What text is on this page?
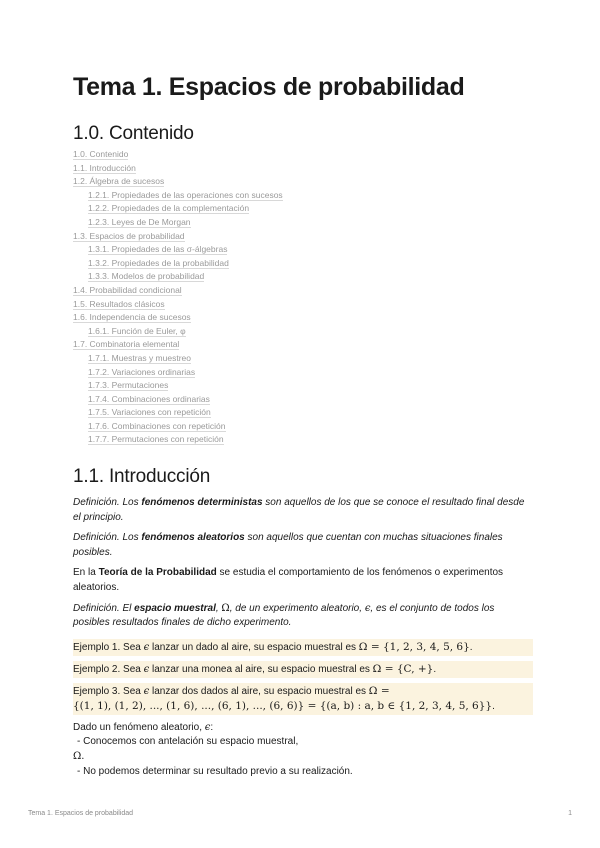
Tema 1. Espacios de probabilidad
1.0. Contenido
1.0. Contenido
1.1. Introducción
1.2. Álgebra de sucesos
1.2.1. Propiedades de las operaciones con sucesos
1.2.2. Propiedades de la complementación
1.2.3. Leyes de De Morgan
1.3. Espacios de probabilidad
1.3.1. Propiedades de las σ-álgebras
1.3.2. Propiedades de la probabilidad
1.3.3. Modelos de probabilidad
1.4. Probabilidad condicional
1.5. Resultados clásicos
1.6. Independencia de sucesos
1.6.1. Función de Euler, φ
1.7. Combinatoria elemental
1.7.1. Muestras y muestreo
1.7.2. Variaciones ordinarias
1.7.3. Permutaciones
1.7.4. Combinaciones ordinarias
1.7.5. Variaciones con repetición
1.7.6. Combinaciones con repetición
1.7.7. Permutaciones con repetición
1.1. Introducción
Definición. Los fenómenos deterministas son aquellos de los que se conoce el resultado final desde el principio.
Definición. Los fenómenos aleatorios son aquellos que cuentan con muchas situaciones finales posibles.
En la Teoría de la Probabilidad se estudia el comportamiento de los fenómenos o experimentos aleatorios.
Definición. El espacio muestral, Ω, de un experimento aleatorio, ϵ, es el conjunto de todos los posibles resultados finales de dicho experimento.
Ejemplo 1. Sea ϵ lanzar un dado al aire, su espacio muestral es Ω = {1, 2, 3, 4, 5, 6}.
Ejemplo 2. Sea ϵ lanzar una monea al aire, su espacio muestral es Ω = {C, +}.
Ejemplo 3. Sea ϵ lanzar dos dados al aire, su espacio muestral es Ω =
{(1, 1), (1, 2), ..., (1, 6), ..., (6, 1), ..., (6, 6)} = {(a, b) : a, b ∈ {1, 2, 3, 4, 5, 6}}.
Dado un fenómeno aleatorio, ϵ:
- Conocemos con antelación su espacio muestral,
Ω.
- No podemos determinar su resultado previo a su realización.
Tema 1. Espacios de probabilidad	1
